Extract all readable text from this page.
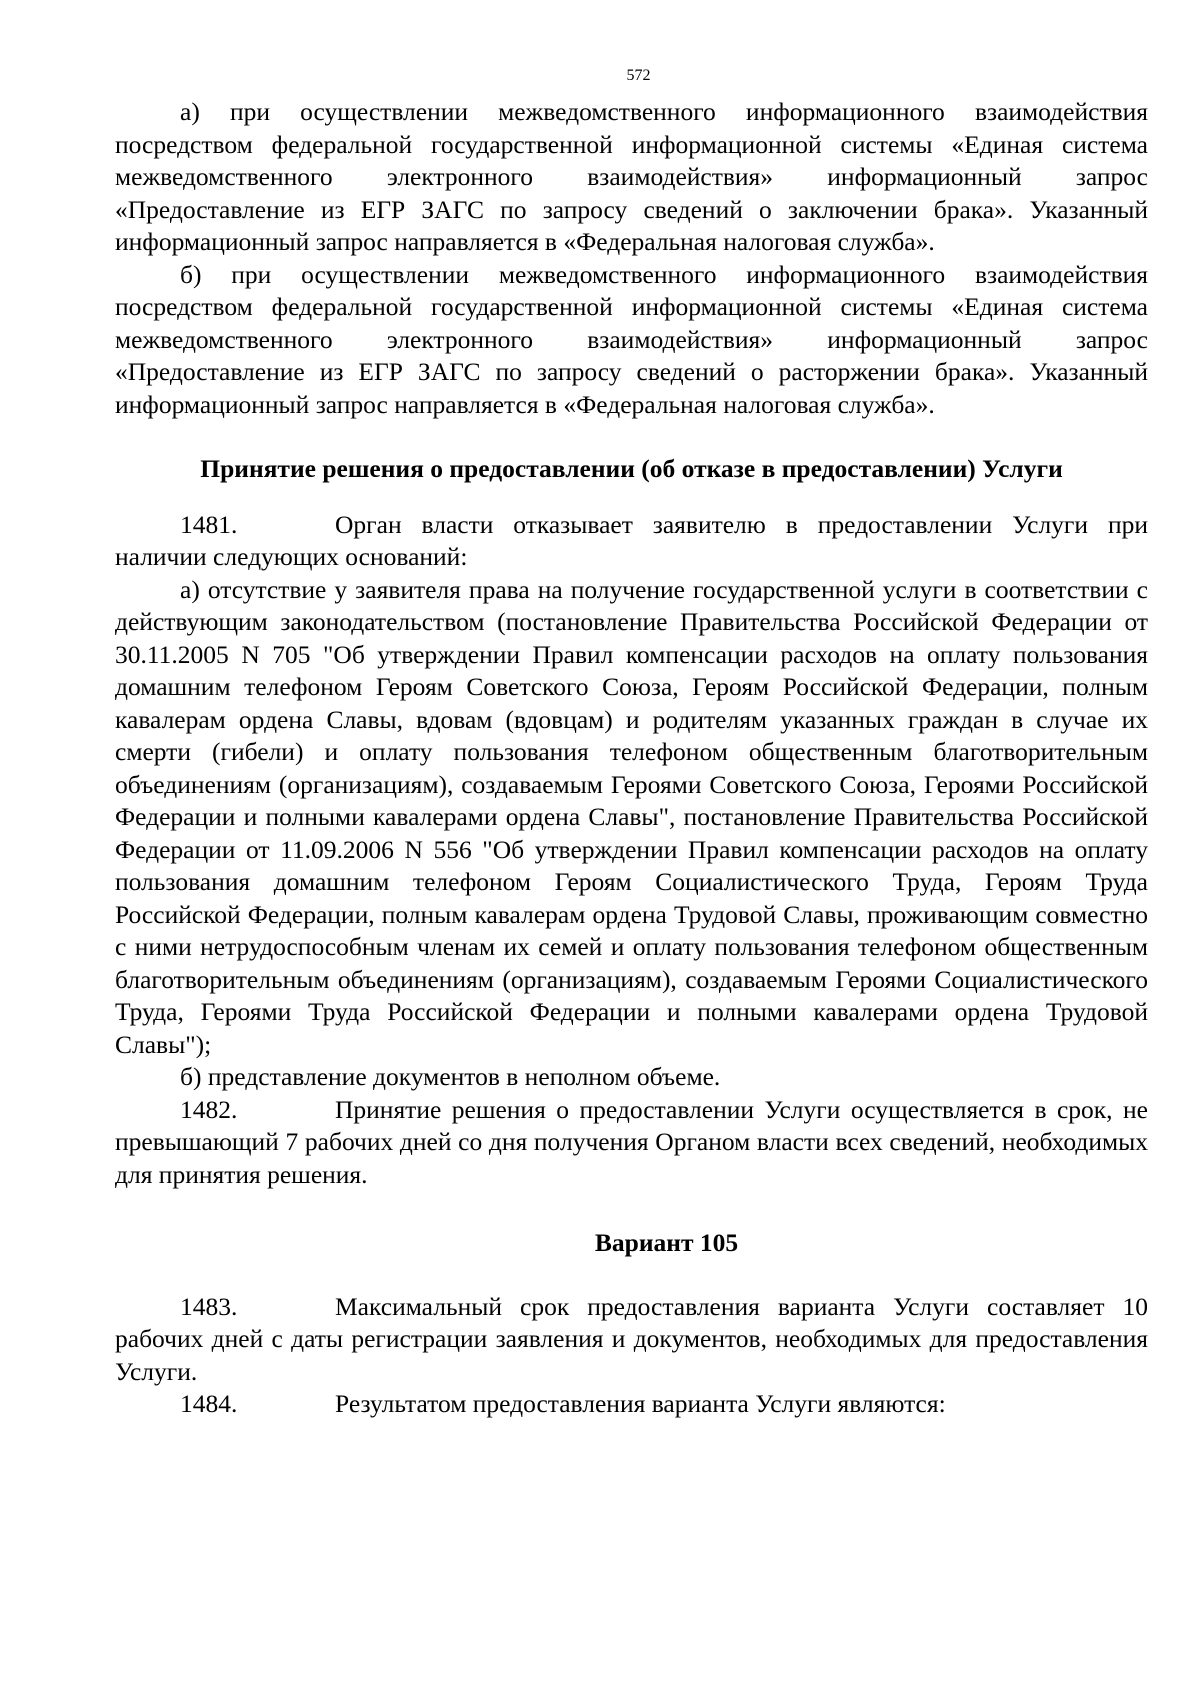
572

а) при осуществлении межведомственного информационного взаимодействия посредством федеральной государственной информационной системы «Единая система межведомственного электронного взаимодействия» информационный запрос «Предоставление из ЕГР ЗАГС по запросу сведений о заключении брака». Указанный информационный запрос направляется в «Федеральная налоговая служба».

б) при осуществлении межведомственного информационного взаимодействия посредством федеральной государственной информационной системы «Единая система межведомственного электронного взаимодействия» информационный запрос «Предоставление из ЕГР ЗАГС по запросу сведений о расторжении брака». Указанный информационный запрос направляется в «Федеральная налоговая служба».

Принятие решения о предоставлении (об отказе в предоставлении) Услуги

1481.	Орган власти отказывает заявителю в предоставлении Услуги при наличии следующих оснований:

а) отсутствие у заявителя права на получение государственной услуги в соответствии с действующим законодательством (постановление Правительства Российской Федерации от 30.11.2005 N 705 "Об утверждении Правил компенсации расходов на оплату пользования домашним телефоном Героям Советского Союза, Героям Российской Федерации, полным кавалерам ордена Славы, вдовам (вдовцам) и родителям указанных граждан в случае их смерти (гибели) и оплату пользования телефоном общественным благотворительным объединениям (организациям), создаваемым Героями Советского Союза, Героями Российской Федерации и полными кавалерами ордена Славы", постановление Правительства Российской Федерации от 11.09.2006 N 556 "Об утверждении Правил компенсации расходов на оплату пользования домашним телефоном Героям Социалистического Труда, Героям Труда Российской Федерации, полным кавалерам ордена Трудовой Славы, проживающим совместно с ними нетрудоспособным членам их семей и оплату пользования телефоном общественным благотворительным объединениям (организациям), создаваемым Героями Социалистического Труда, Героями Труда Российской Федерации и полными кавалерами ордена Трудовой Славы");

б) представление документов в неполном объеме.

1482.	Принятие решения о предоставлении Услуги осуществляется в срок, не превышающий 7 рабочих дней со дня получения Органом власти всех сведений, необходимых для принятия решения.

Вариант 105

1483.	Максимальный срок предоставления варианта Услуги составляет 10 рабочих дней с даты регистрации заявления и документов, необходимых для предоставления Услуги.

1484.	Результатом предоставления варианта Услуги являются:
